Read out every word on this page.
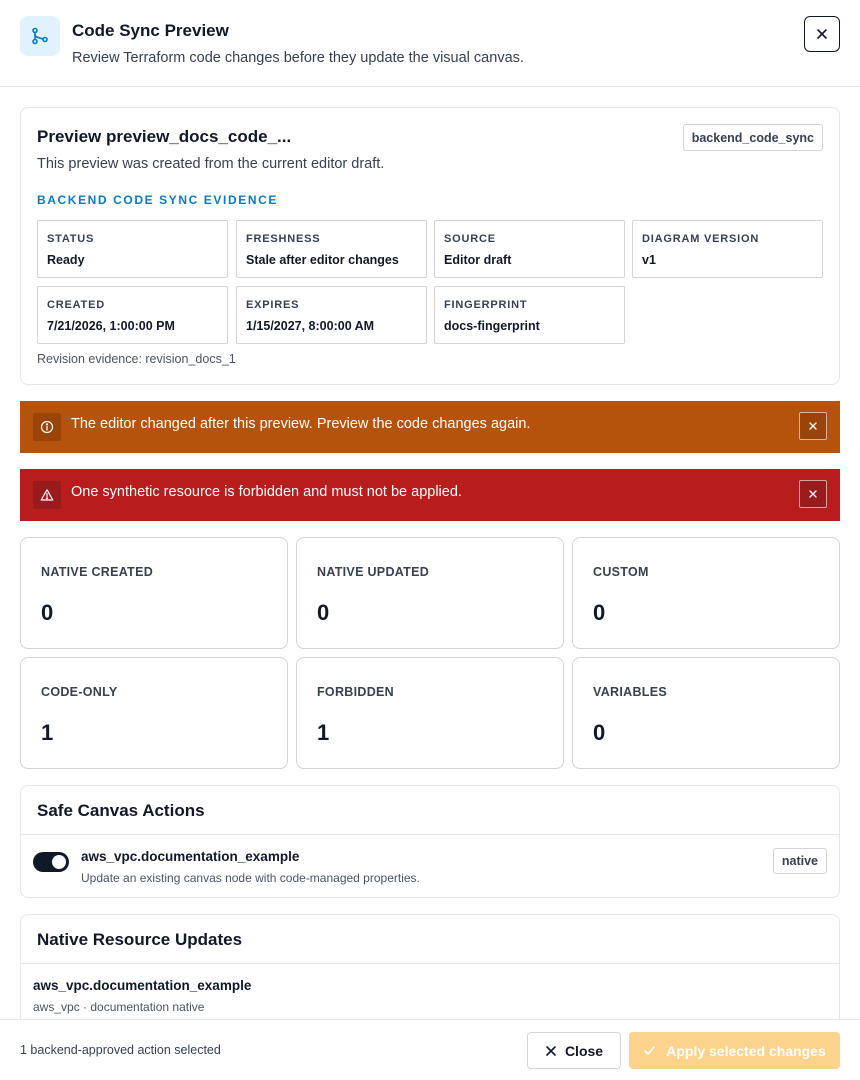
Code Sync Preview
Review Terraform code changes before they update the visual canvas.
Preview preview_docs_code_...	backend_code_sync
This preview was created from the current editor draft.
BACKEND CODE SYNC EVIDENCE
STATUS
Ready
FRESHNESS
Stale after editor changes
SOURCE
Editor draft
DIAGRAM VERSION
v1
CREATED
7/21/2026, 1:00:00 PM
EXPIRES
1/15/2027, 8:00:00 AM
FINGERPRINT
docs-fingerprint
Revision evidence: revision_docs_1
The editor changed after this preview. Preview the code changes again.
One synthetic resource is forbidden and must not be applied.
NATIVE CREATED
0
NATIVE UPDATED
0
CUSTOM
0
CODE-ONLY
1
FORBIDDEN
1
VARIABLES
0
Safe Canvas Actions
aws_vpc.documentation_example
Update an existing canvas node with code-managed properties.
native
Native Resource Updates
aws_vpc.documentation_example
aws_vpc · documentation native
1 backend-approved action selected	Close	Apply selected changes
